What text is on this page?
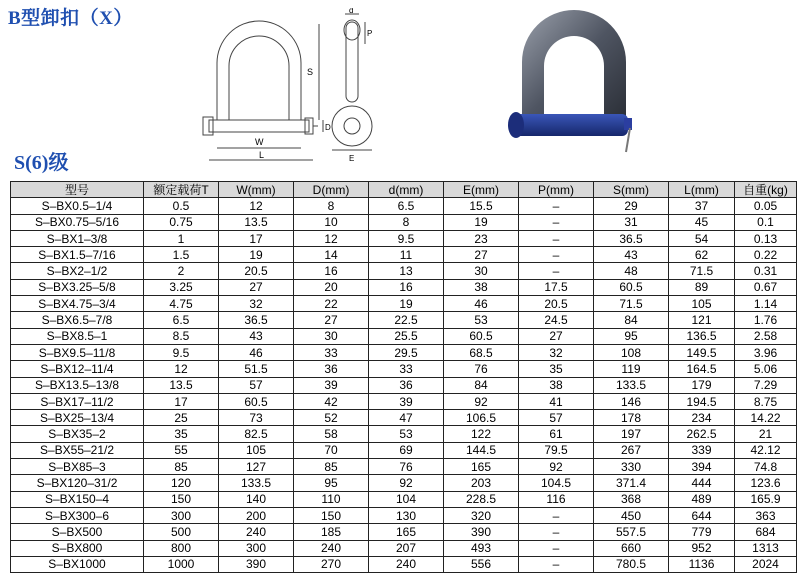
B型卸扣（X）
W
L
S
d
P
D
E
S(6)级
型号	额定载荷T	W(mm)	D(mm)	d(mm)	E(mm)	P(mm)	S(mm)	L(mm)	自重(kg)
S–BX0.5–1/4	0.5	12	8	6.5	15.5	–	29	37	0.05
S–BX0.75–5/16	0.75	13.5	10	8	19	–	31	45	0.1
S–BX1–3/8	1	17	12	9.5	23	–	36.5	54	0.13
S–BX1.5–7/16	1.5	19	14	11	27	–	43	62	0.22
S–BX2–1/2	2	20.5	16	13	30	–	48	71.5	0.31
S–BX3.25–5/8	3.25	27	20	16	38	17.5	60.5	89	0.67
S–BX4.75–3/4	4.75	32	22	19	46	20.5	71.5	105	1.14
S–BX6.5–7/8	6.5	36.5	27	22.5	53	24.5	84	121	1.76
S–BX8.5–1	8.5	43	30	25.5	60.5	27	95	136.5	2.58
S–BX9.5–11/8	9.5	46	33	29.5	68.5	32	108	149.5	3.96
S–BX12–11/4	12	51.5	36	33	76	35	119	164.5	5.06
S–BX13.5–13/8	13.5	57	39	36	84	38	133.5	179	7.29
S–BX17–11/2	17	60.5	42	39	92	41	146	194.5	8.75
S–BX25–13/4	25	73	52	47	106.5	57	178	234	14.22
S–BX35–2	35	82.5	58	53	122	61	197	262.5	21
S–BX55–21/2	55	105	70	69	144.5	79.5	267	339	42.12
S–BX85–3	85	127	85	76	165	92	330	394	74.8
S–BX120–31/2	120	133.5	95	92	203	104.5	371.4	444	123.6
S–BX150–4	150	140	110	104	228.5	116	368	489	165.9
S–BX300–6	300	200	150	130	320	–	450	644	363
S–BX500	500	240	185	165	390	–	557.5	779	684
S–BX800	800	300	240	207	493	–	660	952	1313
S–BX1000	1000	390	270	240	556	–	780.5	1136	2024
